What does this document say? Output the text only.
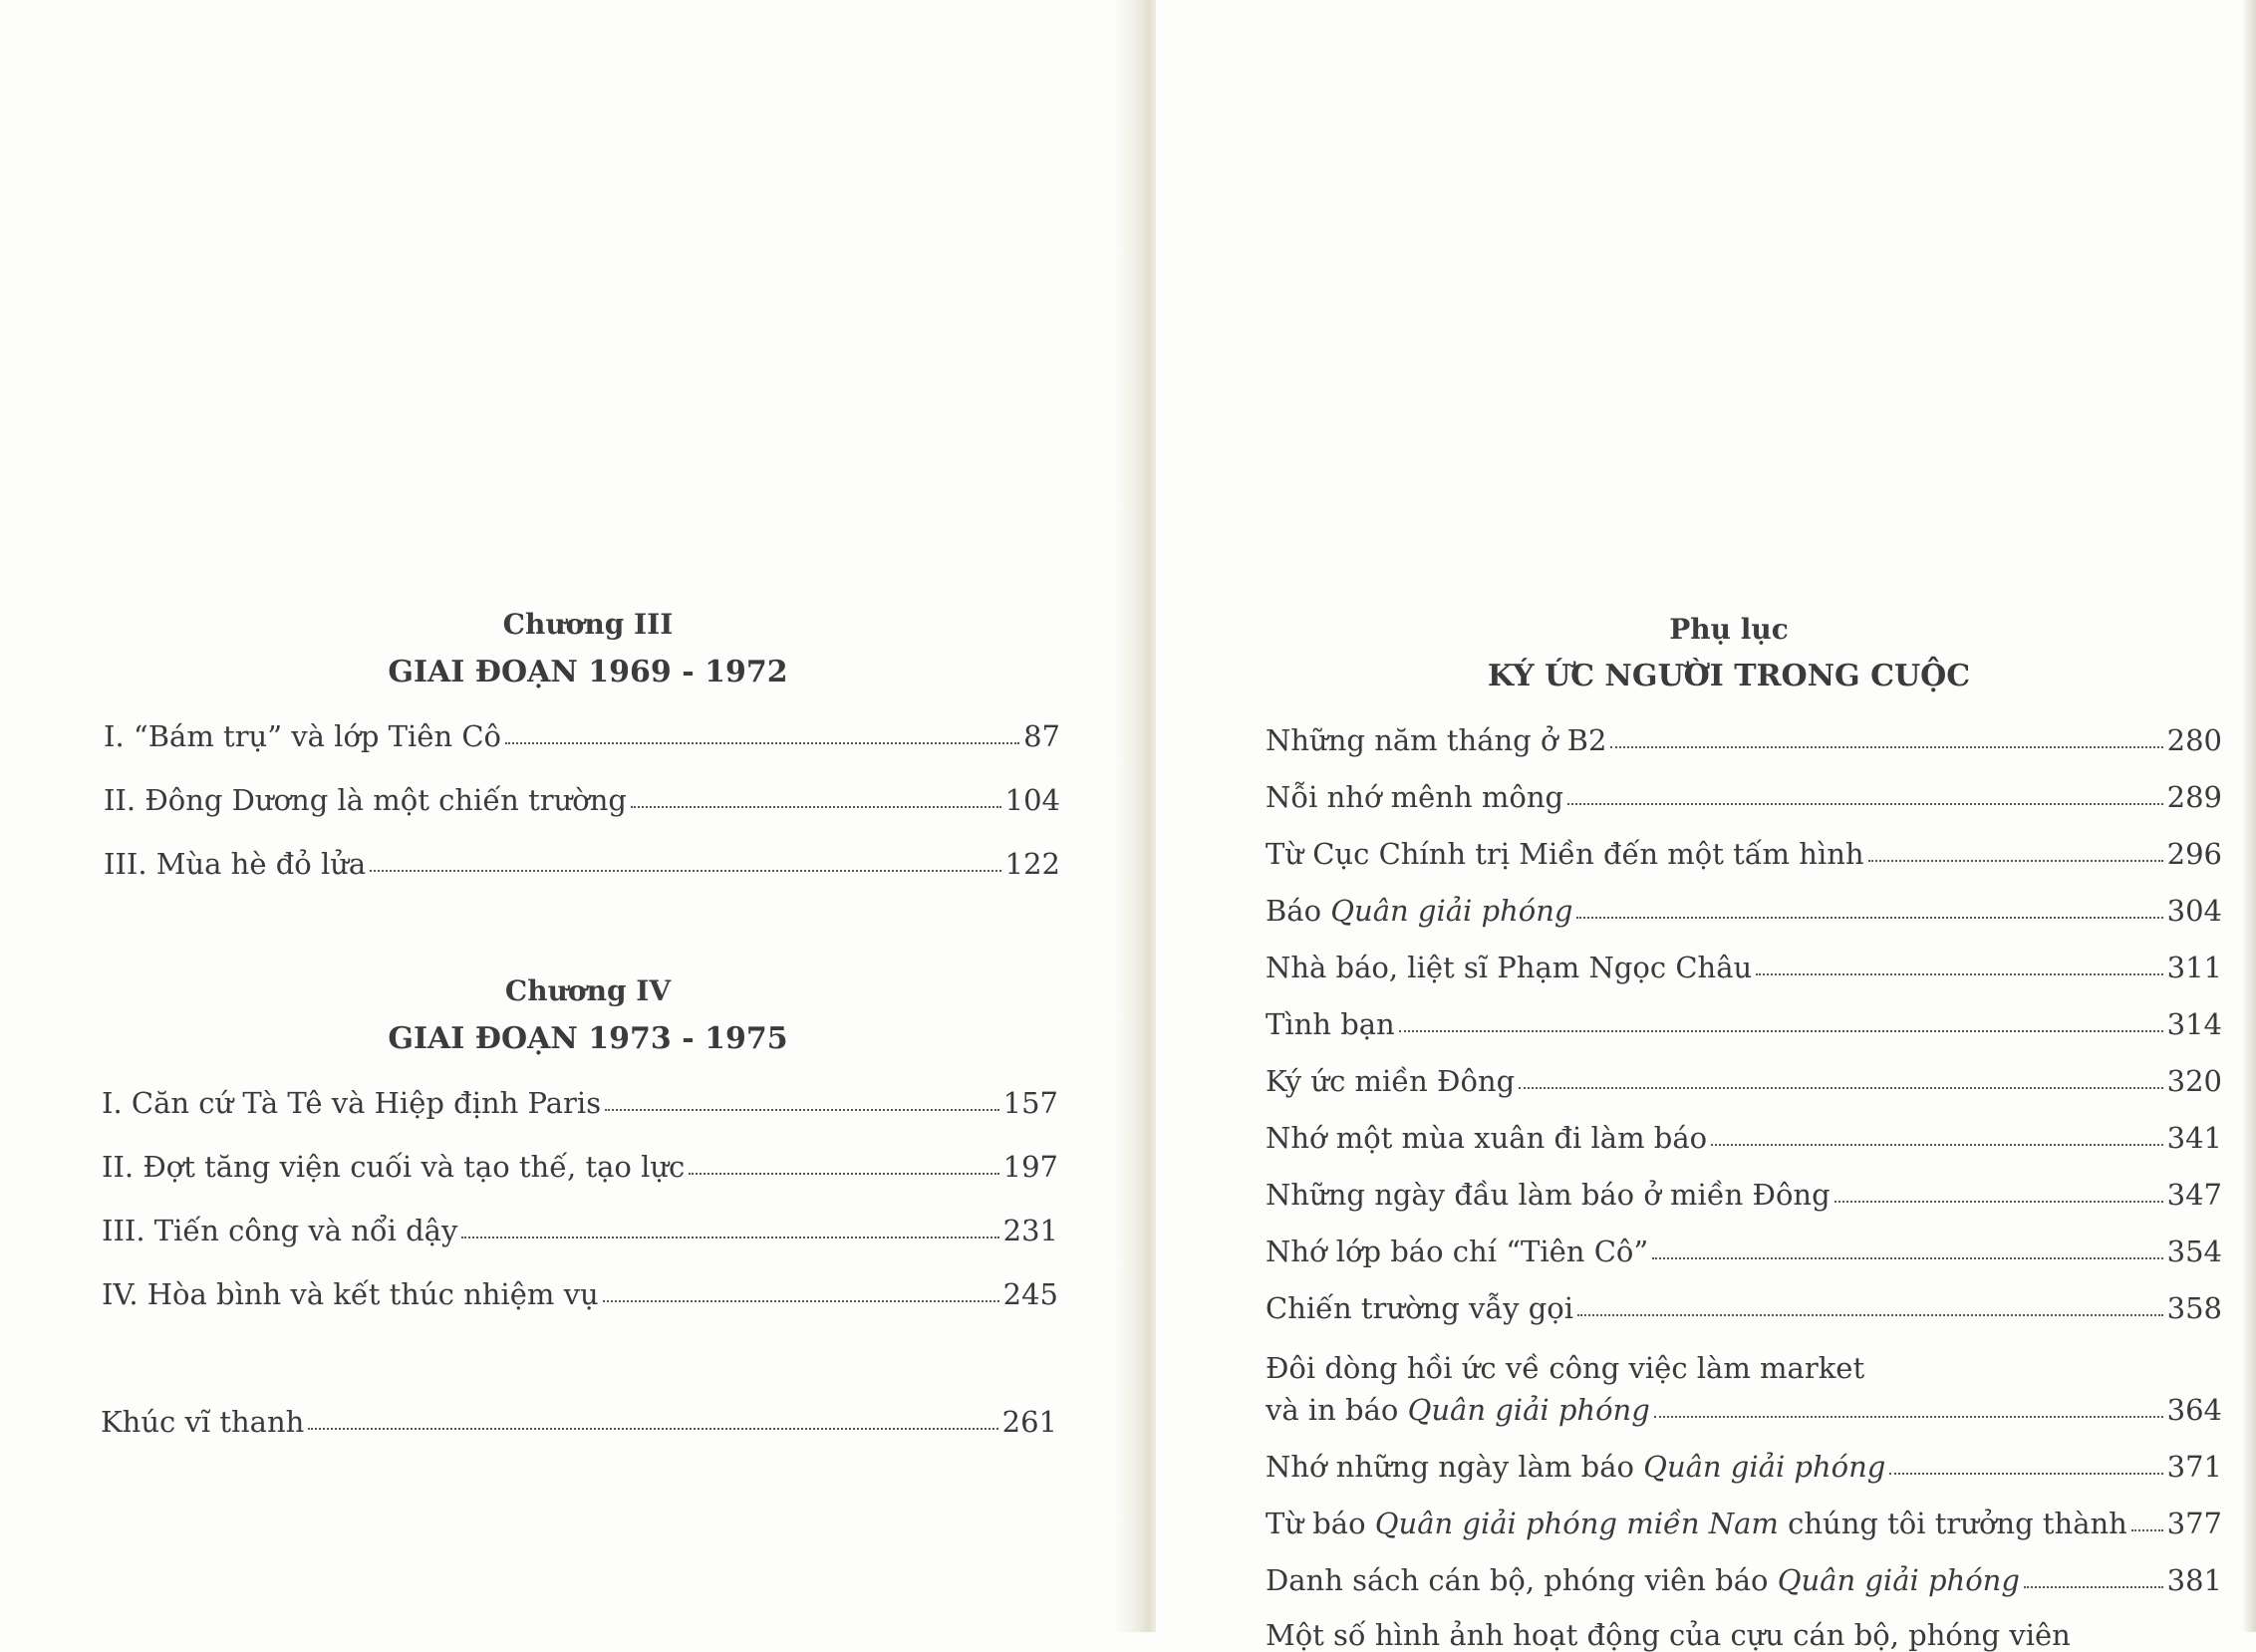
Chương III
GIAI ĐOẠN 1969 - 1972
I. “Bám trụ” và lớp Tiên Cô	87
II. Đông Dương là một chiến trường	104
III. Mùa hè đỏ lửa	122
Chương IV
GIAI ĐOẠN 1973 - 1975
I. Căn cứ Tà Tê và Hiệp định Paris	157
II. Đợt tăng viện cuối và tạo thế, tạo lực	197
III. Tiến công và nổi dậy	231
IV. Hòa bình và kết thúc nhiệm vụ	245
Khúc vĩ thanh	261
Phụ lục
KÝ ỨC NGƯỜI TRONG CUỘC
Những năm tháng ở B2	280
Nỗi nhớ mênh mông	289
Từ Cục Chính trị Miền đến một tấm hình	296
Báo Quân giải phóng	304
Nhà báo, liệt sĩ Phạm Ngọc Châu	311
Tình bạn	314
Ký ức miền Đông	320
Nhớ một mùa xuân đi làm báo	341
Những ngày đầu làm báo ở miền Đông	347
Nhớ lớp báo chí “Tiên Cô”	354
Chiến trường vẫy gọi	358
Đôi dòng hồi ức về công việc làm market
và in báo Quân giải phóng	364
Nhớ những ngày làm báo Quân giải phóng	371
Từ báo Quân giải phóng miền Nam chúng tôi trưởng thành 377
Danh sách cán bộ, phóng viên báo Quân giải phóng	381
Một số hình ảnh hoạt động của cựu cán bộ, phóng viên
